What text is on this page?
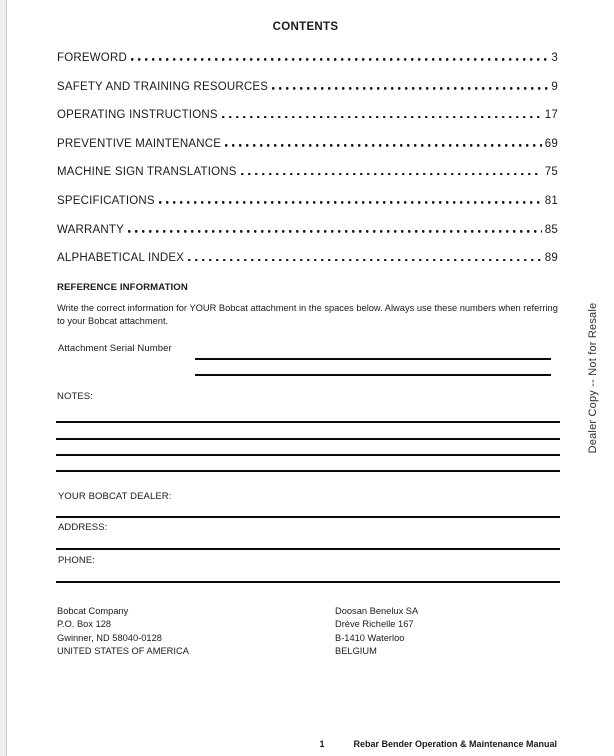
CONTENTS
FOREWORD	3
SAFETY AND TRAINING RESOURCES	9
OPERATING INSTRUCTIONS	17
PREVENTIVE MAINTENANCE	69
MACHINE SIGN TRANSLATIONS	75
SPECIFICATIONS	81
WARRANTY	85
ALPHABETICAL INDEX	89
REFERENCE INFORMATION
Write the correct information for YOUR Bobcat attachment in the spaces below. Always use these numbers when referring to your Bobcat attachment.
Attachment Serial Number
NOTES:
YOUR BOBCAT DEALER:
ADDRESS:
PHONE:
Bobcat Company
P.O. Box 128
Gwinner, ND 58040-0128
UNITED STATES OF AMERICA
Doosan Benelux SA
Drève Richelle 167
B-1410 Waterloo
BELGIUM
Dealer Copy -- Not for Resale
1	Rebar Bender Operation & Maintenance Manual
